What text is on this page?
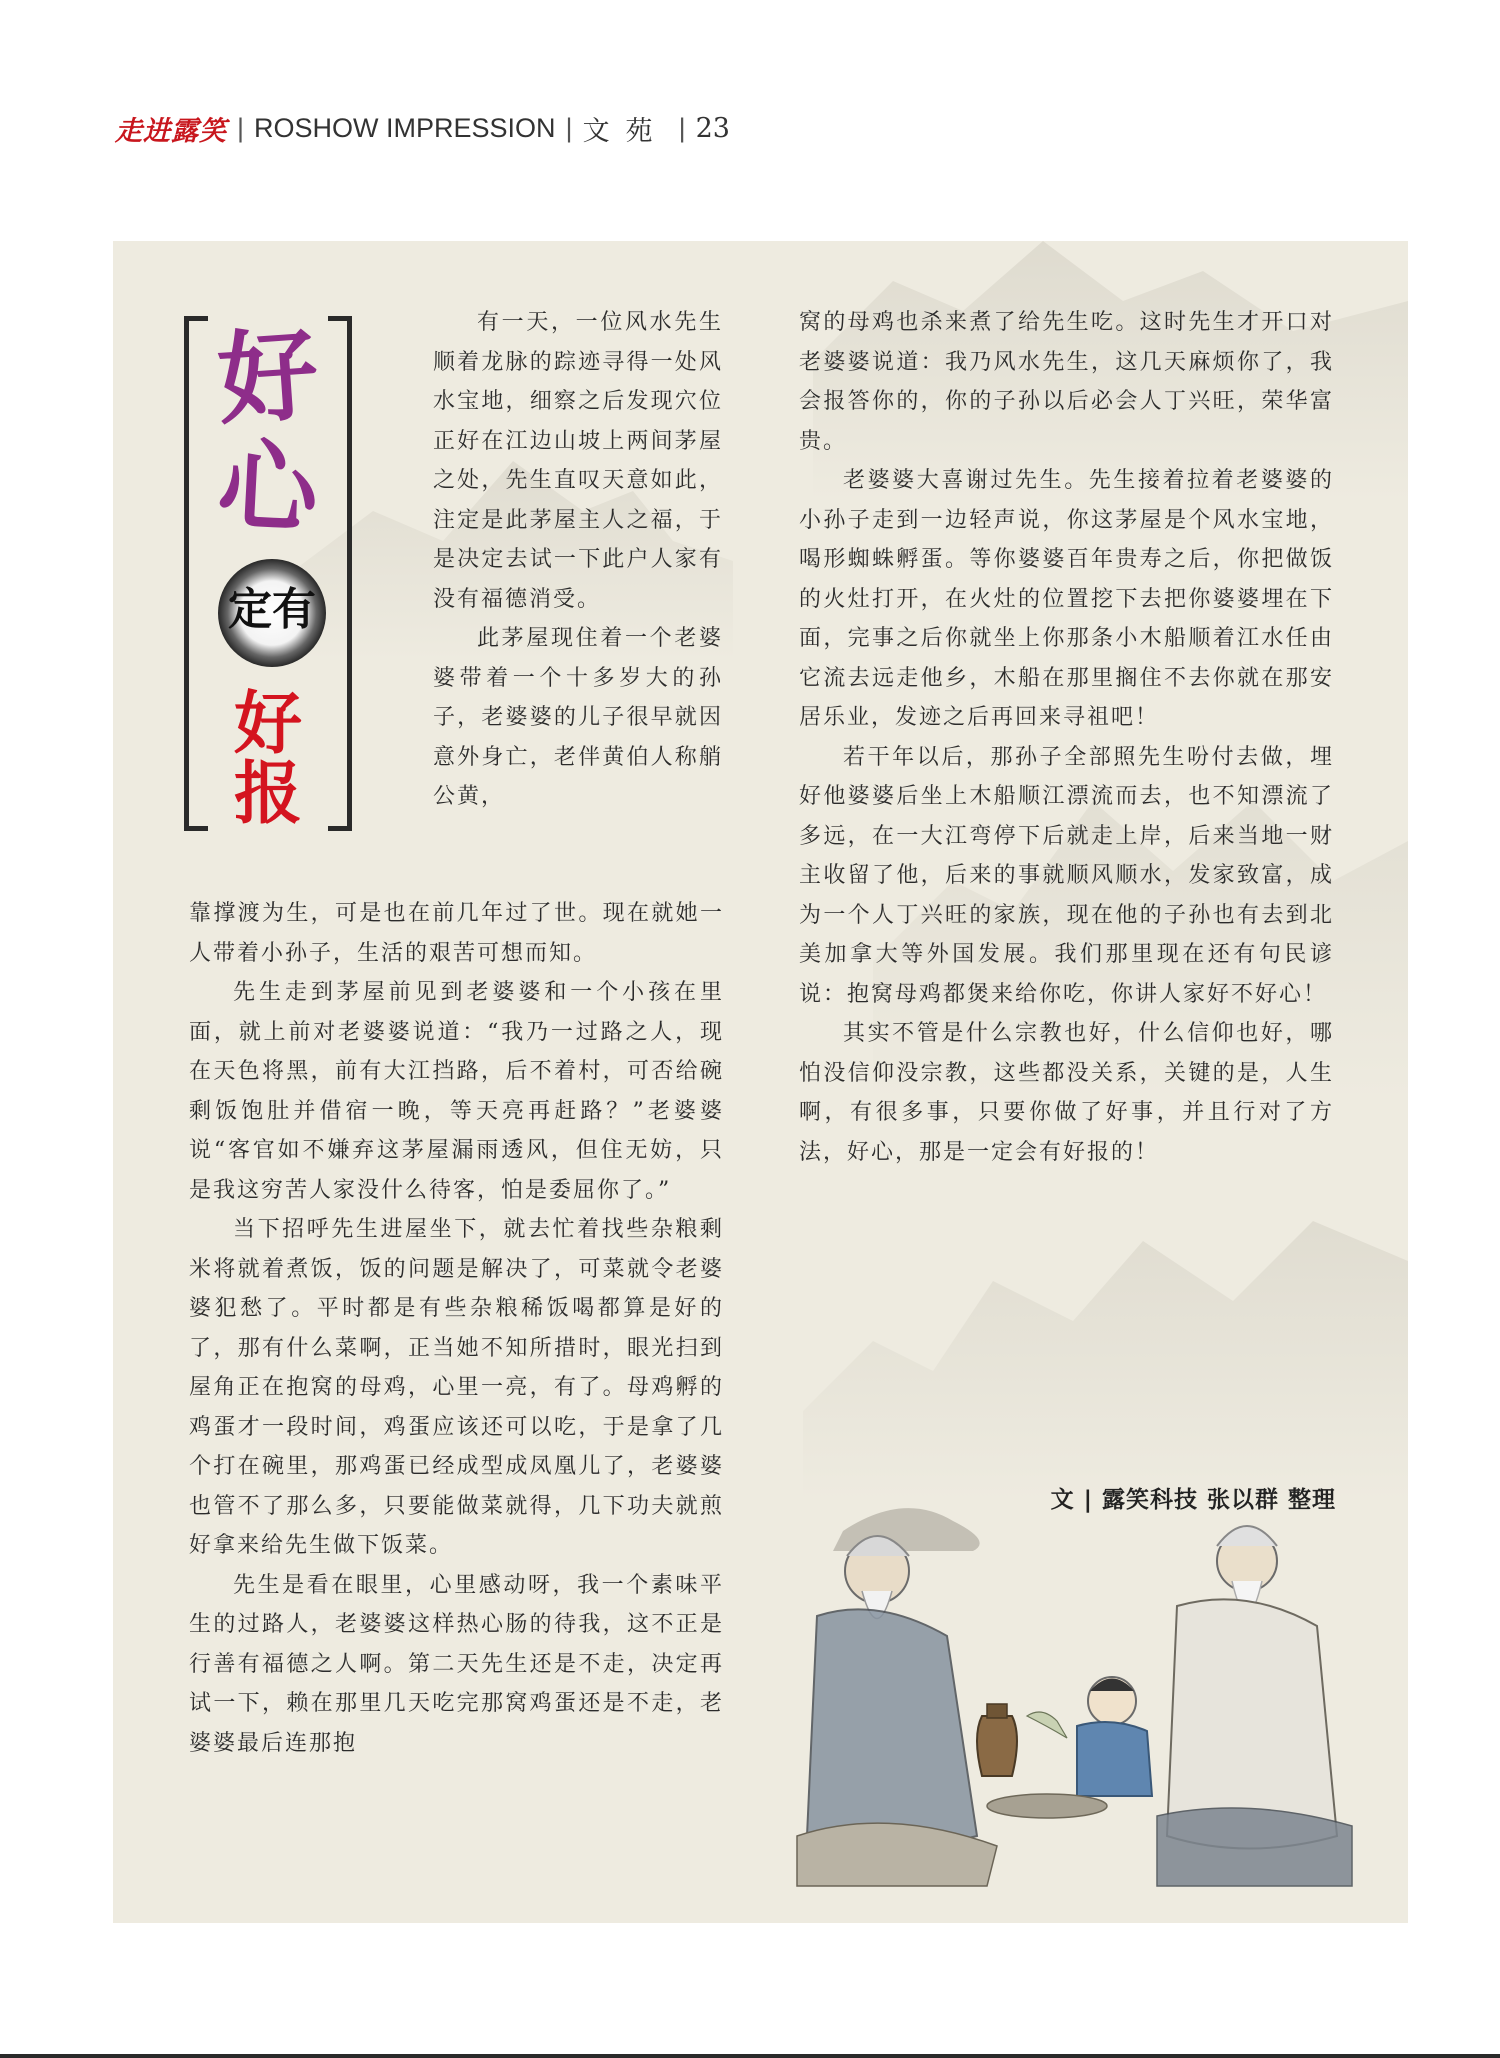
走进露笑 | ROSHOW IMPRESSION | 文苑 | 23
好
心
定有
好
报

有一天，一位风水先生顺着龙脉的踪迹寻得一处风水宝地，细察之后发现穴位正好在江边山坡上两间茅屋之处，先生直叹天意如此，注定是此茅屋主人之福，于是决定去试一下此户人家有没有福德消受。

此茅屋现住着一个老婆婆带着一个十多岁大的孙子，老婆婆的儿子很早就因意外身亡，老伴黄伯人称艄公黄，

靠撑渡为生，可是也在前几年过了世。现在就她一人带着小孙子，生活的艰苦可想而知。

先生走到茅屋前见到老婆婆和一个小孩在里面，就上前对老婆婆说道：“我乃一过路之人，现在天色将黑，前有大江挡路，后不着村，可否给碗剩饭饱肚并借宿一晚，等天亮再赶路？”老婆婆说“客官如不嫌弃这茅屋漏雨透风，但住无妨，只是我这穷苦人家没什么待客，怕是委屈你了。”

当下招呼先生进屋坐下，就去忙着找些杂粮剩米将就着煮饭，饭的问题是解决了，可菜就令老婆婆犯愁了。平时都是有些杂粮稀饭喝都算是好的了，那有什么菜啊，正当她不知所措时，眼光扫到屋角正在抱窝的母鸡，心里一亮，有了。母鸡孵的鸡蛋才一段时间，鸡蛋应该还可以吃，于是拿了几个打在碗里，那鸡蛋已经成型成凤凰儿了，老婆婆也管不了那么多，只要能做菜就得，几下功夫就煎好拿来给先生做下饭菜。

先生是看在眼里，心里感动呀，我一个素味平生的过路人，老婆婆这样热心肠的待我，这不正是行善有福德之人啊。第二天先生还是不走，决定再试一下，赖在那里几天吃完那窝鸡蛋还是不走，老婆婆最后连那抱

窝的母鸡也杀来煮了给先生吃。这时先生才开口对老婆婆说道：我乃风水先生，这几天麻烦你了，我会报答你的，你的子孙以后必会人丁兴旺，荣华富贵。

老婆婆大喜谢过先生。先生接着拉着老婆婆的小孙子走到一边轻声说，你这茅屋是个风水宝地，喝形蜘蛛孵蛋。等你婆婆百年贵寿之后，你把做饭的火灶打开，在火灶的位置挖下去把你婆婆埋在下面，完事之后你就坐上你那条小木船顺着江水任由它流去远走他乡，木船在那里搁住不去你就在那安居乐业，发迹之后再回来寻祖吧！

若干年以后，那孙子全部照先生吩付去做，埋好他婆婆后坐上木船顺江漂流而去，也不知漂流了多远，在一大江弯停下后就走上岸，后来当地一财主收留了他，后来的事就顺风顺水，发家致富，成为一个人丁兴旺的家族，现在他的子孙也有去到北美加拿大等外国发展。我们那里现在还有句民谚说：抱窝母鸡都煲来给你吃，你讲人家好不好心！

其实不管是什么宗教也好，什么信仰也好，哪怕没信仰没宗教，这些都没关系，关键的是，人生啊，有很多事，只要你做了好事，并且行对了方法，好心，那是一定会有好报的！

文 | 露笑科技 张以群 整理
